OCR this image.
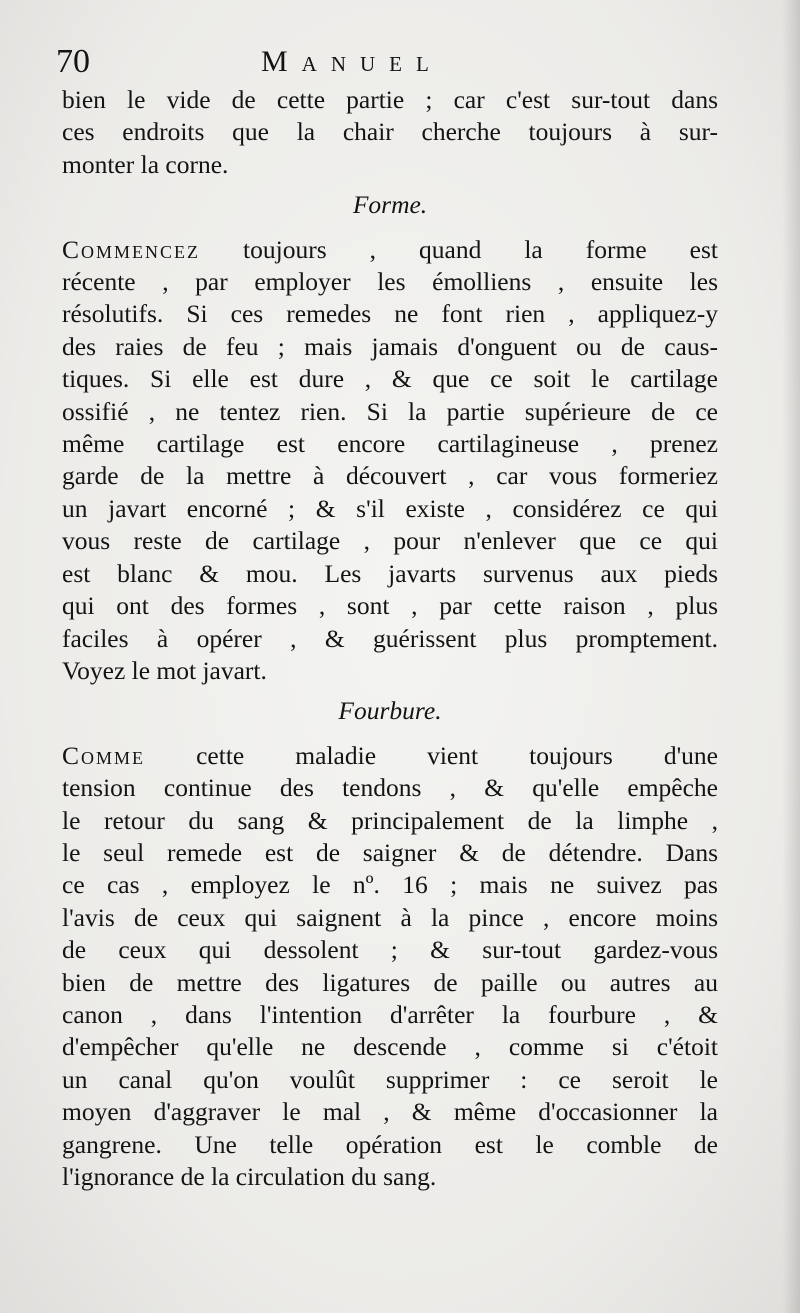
70	Manuel
bien le vide de cette partie ; car c'est sur-tout dans
ces endroits que la chair cherche toujours à sur-
monter la corne.
Forme.
Commencez toujours , quand la forme est
récente , par employer les émolliens , ensuite les
résolutifs. Si ces remedes ne font rien , appliquez-y
des raies de feu ; mais jamais d'onguent ou de caus-
tiques. Si elle est dure , & que ce soit le cartilage
ossifié , ne tentez rien. Si la partie supérieure de ce
même cartilage est encore cartilagineuse , prenez
garde de la mettre à découvert , car vous formeriez
un javart encorné ; & s'il existe , considérez ce qui
vous reste de cartilage , pour n'enlever que ce qui
est blanc & mou. Les javarts survenus aux pieds
qui ont des formes , sont , par cette raison , plus
faciles à opérer , & guérissent plus promptement.
Voyez le mot javart.
Fourbure.
Comme cette maladie vient toujours d'une
tension continue des tendons , & qu'elle empêche
le retour du sang & principalement de la limphe ,
le seul remede est de saigner & de détendre. Dans
ce cas , employez le nº. 16 ; mais ne suivez pas
l'avis de ceux qui saignent à la pince , encore moins
de ceux qui dessolent ; & sur-tout gardez-vous
bien de mettre des ligatures de paille ou autres au
canon , dans l'intention d'arrêter la fourbure , &
d'empêcher qu'elle ne descende , comme si c'étoit
un canal qu'on voulût supprimer : ce seroit le
moyen d'aggraver le mal , & même d'occasionner la
gangrene. Une telle opération est le comble de
l'ignorance de la circulation du sang.
